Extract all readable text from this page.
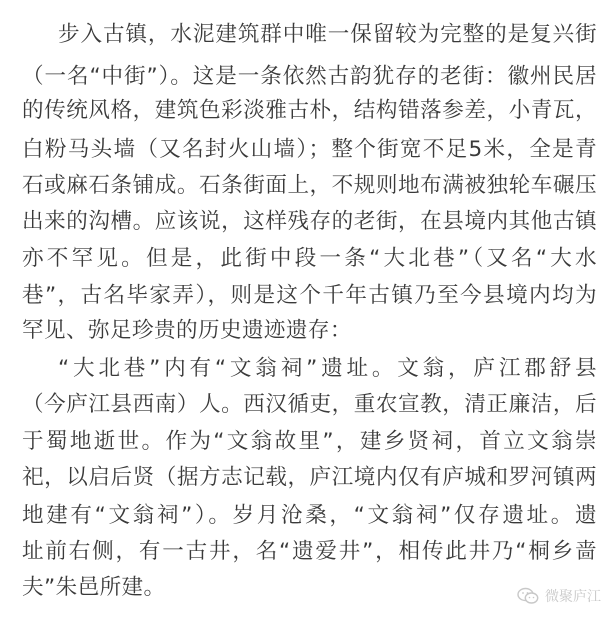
步入古镇，水泥建筑群中唯一保留较为完整的是复兴街
（一名“中街”）。这是一条依然古韵犹存的老街：徽州民居
的传统风格，建筑色彩淡雅古朴，结构错落参差，小青瓦，
白粉马头墙（又名封火山墙）；整个街宽不足5米，全是青
石或麻石条铺成。石条街面上，不规则地布满被独轮车碾压
出来的沟槽。应该说，这样残存的老街，在县境内其他古镇
亦不罕见。但是，此街中段一条“大北巷”（又名“大水
巷”，古名毕家弄），则是这个千年古镇乃至今县境内均为
罕见、弥足珍贵的历史遗迹遗存：
“大北巷”内有“文翁祠”遗址。文翁，庐江郡舒县
（今庐江县西南）人。西汉循吏，重农宣教，清正廉洁，后
于蜀地逝世。作为“文翁故里”，建乡贤祠，首立文翁崇
祀，以启后贤（据方志记载，庐江境内仅有庐城和罗河镇两
地建有“文翁祠”）。岁月沧桑，“文翁祠”仅存遗址。遗
址前右侧，有一古井，名“遗爱井”，相传此井乃“桐乡啬
夫”朱邑所建。	微聚庐江
